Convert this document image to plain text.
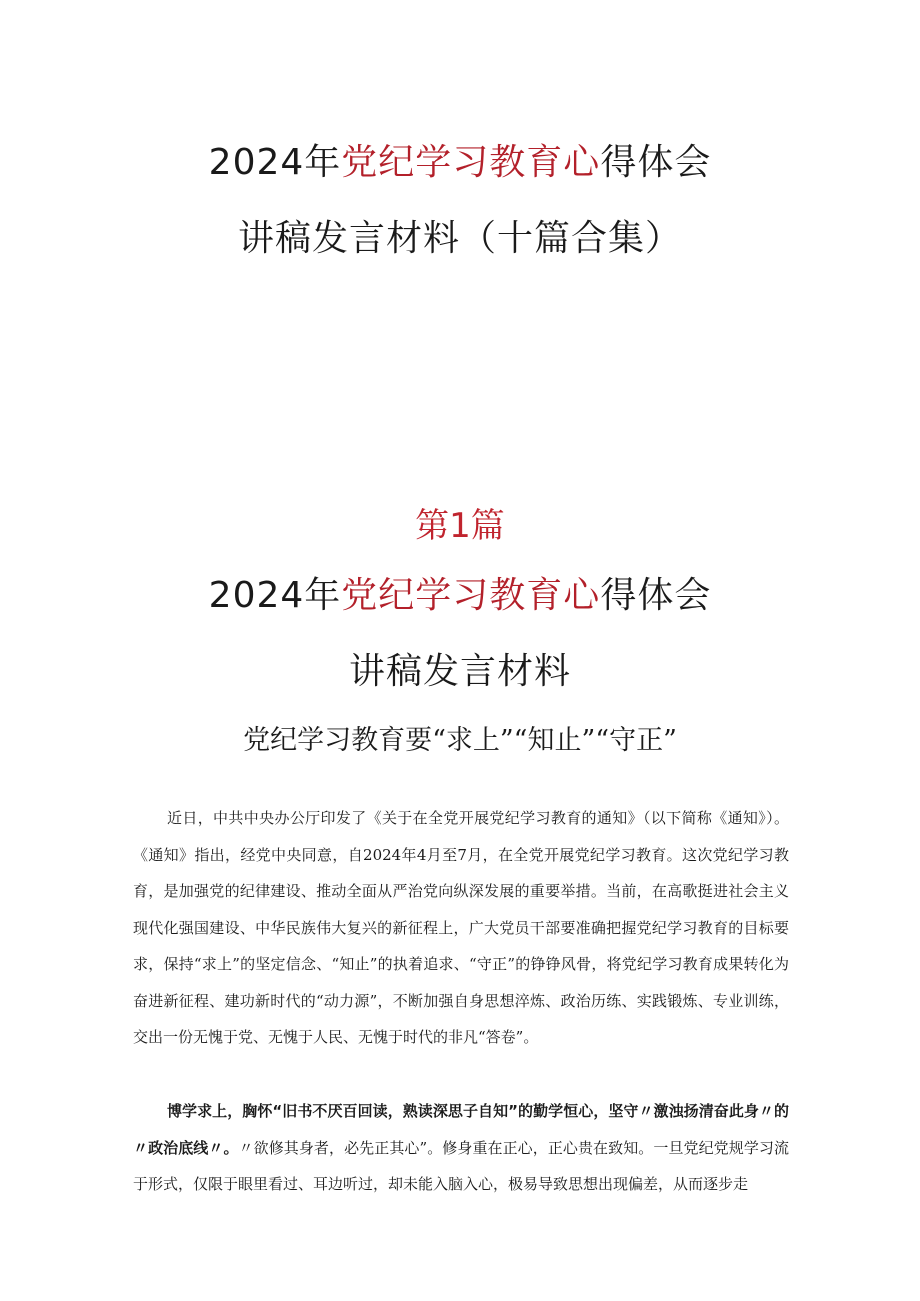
2024年党纪学习教育心得体会
讲稿发言材料（十篇合集）
第1篇
2024年党纪学习教育心得体会
讲稿发言材料
党纪学习教育要“求上”“知止”“守正”

近日，中共中央办公厅印发了《关于在全党开展党纪学习教育的通知》（以下简称《通知》）。《通知》指出，经党中央同意，自2024年4月至7月，在全党开展党纪学习教育。这次党纪学习教育，是加强党的纪律建设、推动全面从严治党向纵深发展的重要举措。当前，在高歌挺进社会主义现代化强国建设、中华民族伟大复兴的新征程上，广大党员干部要准确把握党纪学习教育的目标要求，保持“求上”的坚定信念、“知止”的执着追求、“守正”的铮铮风骨，将党纪学习教育成果转化为奋进新征程、建功新时代的“动力源”，不断加强自身思想淬炼、政治历练、实践锻炼、专业训练，交出一份无愧于党、无愧于人民、无愧于时代的非凡“答卷”。

博学求上，胸怀“旧书不厌百回读，熟读深思子自知”的勤学恒心，坚守〃激浊扬清奋此身〃的〃政治底线〃。〃欲修其身者，必先正其心”。修身重在正心，正心贵在致知。一旦党纪党规学习流于形式，仅限于眼里看过、耳边听过，却未能入脑入心，极易导致思想出现偏差，从而逐步走
